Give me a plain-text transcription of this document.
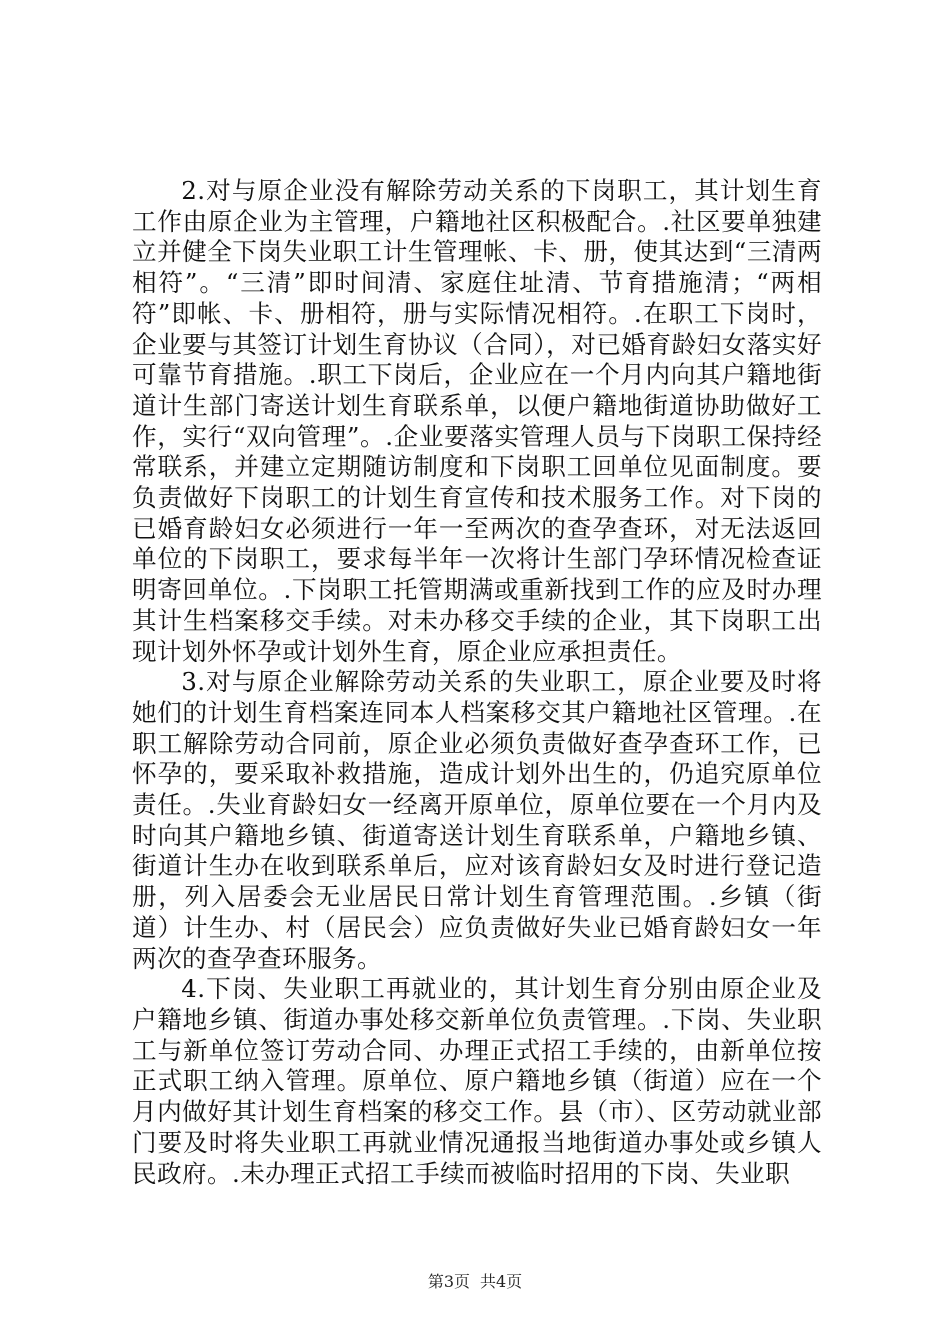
2.对与原企业没有解除劳动关系的下岗职工，其计划生育工作由原企业为主管理，户籍地社区积极配合。.社区要单独建立并健全下岗失业职工计生管理帐、卡、册，使其达到“三清两相符”。“三清”即时间清、家庭住址清、节育措施清；“两相符”即帐、卡、册相符，册与实际情况相符。.在职工下岗时，企业要与其签订计划生育协议（合同），对已婚育龄妇女落实好可靠节育措施。.职工下岗后，企业应在一个月内向其户籍地街道计生部门寄送计划生育联系单，以便户籍地街道协助做好工作，实行“双向管理”。.企业要落实管理人员与下岗职工保持经常联系，并建立定期随访制度和下岗职工回单位见面制度。要负责做好下岗职工的计划生育宣传和技术服务工作。对下岗的已婚育龄妇女必须进行一年一至两次的查孕查环，对无法返回单位的下岗职工，要求每半年一次将计生部门孕环情况检查证明寄回单位。.下岗职工托管期满或重新找到工作的应及时办理其计生档案移交手续。对未办移交手续的企业，其下岗职工出现计划外怀孕或计划外生育，原企业应承担责任。

3.对与原企业解除劳动关系的失业职工，原企业要及时将她们的计划生育档案连同本人档案移交其户籍地社区管理。.在职工解除劳动合同前，原企业必须负责做好查孕查环工作，已怀孕的，要采取补救措施，造成计划外出生的，仍追究原单位责任。.失业育龄妇女一经离开原单位，原单位要在一个月内及时向其户籍地乡镇、街道寄送计划生育联系单，户籍地乡镇、街道计生办在收到联系单后，应对该育龄妇女及时进行登记造册，列入居委会无业居民日常计划生育管理范围。.乡镇（街道）计生办、村（居民会）应负责做好失业已婚育龄妇女一年两次的查孕查环服务。

4.下岗、失业职工再就业的，其计划生育分别由原企业及户籍地乡镇、街道办事处移交新单位负责管理。.下岗、失业职工与新单位签订劳动合同、办理正式招工手续的，由新单位按正式职工纳入管理。原单位、原户籍地乡镇（街道）应在一个月内做好其计划生育档案的移交工作。县（市）、区劳动就业部门要及时将失业职工再就业情况通报当地街道办事处或乡镇人民政府。.未办理正式招工手续而被临时招用的下岗、失业职

第3页 共4页
